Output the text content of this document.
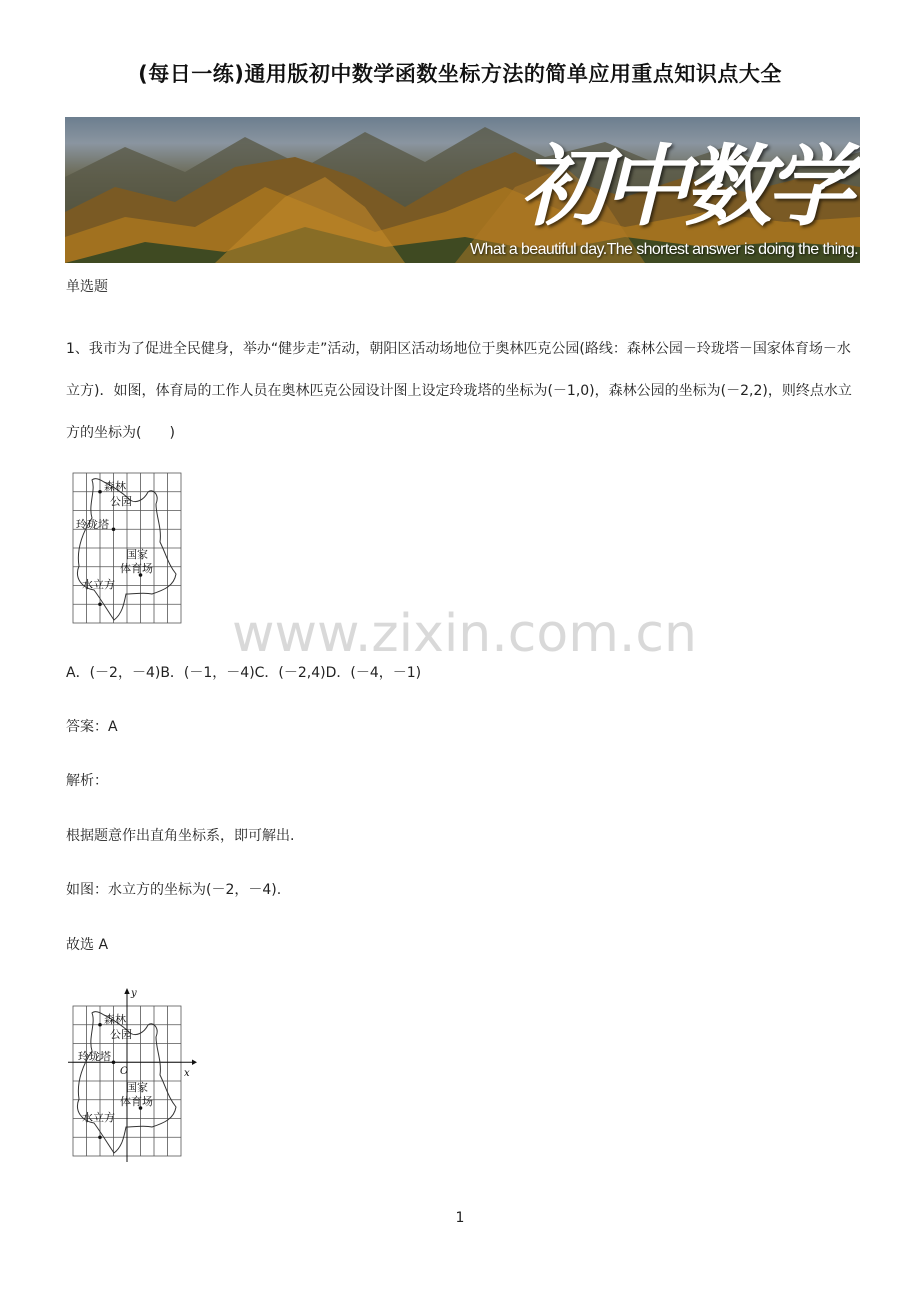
(每日一练)通用版初中数学函数坐标方法的简单应用重点知识点大全
初中数学
What a beautiful day.The shortest answer is doing the thing.
单选题
1、我市为了促进全民健身，举办“健步走”活动，朝阳区活动场地位于奥林匹克公园(路线：森林公园－玲珑塔－国家体育场－水立方)．如图，体育局的工作人员在奥林匹克公园设计图上设定玲珑塔的坐标为(－1,0)，森林公园的坐标为(－2,2)，则终点水立方的坐标为(　　)
森林
公园
玲珑塔
国家
体育场
水立方
www.zixin.com.cn
A．(－2，－4)B．(－1，－4)C．(－2,4)D．(－4，－1)
答案：A
解析：
根据题意作出直角坐标系，即可解出.
如图：水立方的坐标为(－2，－4).
故选 A
x
y
O
森林
公园
玲珑塔
国家
体育场
水立方
1
